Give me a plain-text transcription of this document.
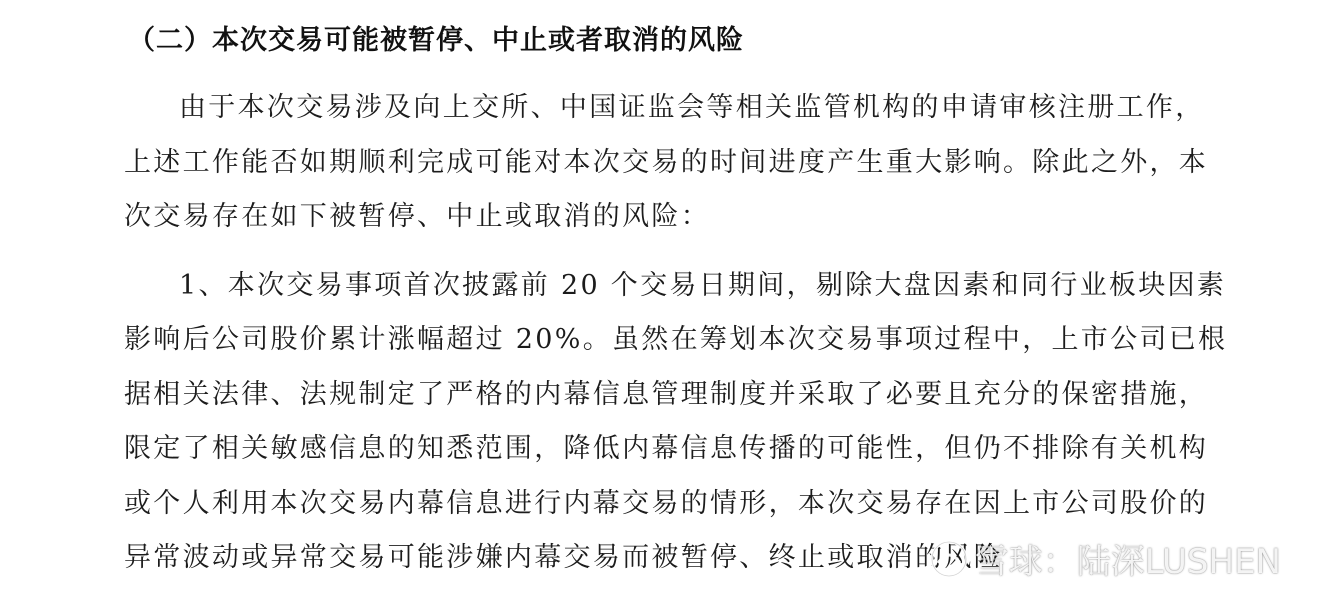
（二）本次交易可能被暂停、中止或者取消的风险
由于本次交易涉及向上交所、中国证监会等相关监管机构的申请审核注册工作，
上述工作能否如期顺利完成可能对本次交易的时间进度产生重大影响。除此之外，本
次交易存在如下被暂停、中止或取消的风险：
1、本次交易事项首次披露前 20 个交易日期间，剔除大盘因素和同行业板块因素
影响后公司股价累计涨幅超过 20%。虽然在筹划本次交易事项过程中，上市公司已根
据相关法律、法规制定了严格的内幕信息管理制度并采取了必要且充分的保密措施，
限定了相关敏感信息的知悉范围，降低内幕信息传播的可能性，但仍不排除有关机构
或个人利用本次交易内幕信息进行内幕交易的情形，本次交易存在因上市公司股价的
异常波动或异常交易可能涉嫌内幕交易而被暂停、终止或取消的风险
雪球：陆深LUSHEN
